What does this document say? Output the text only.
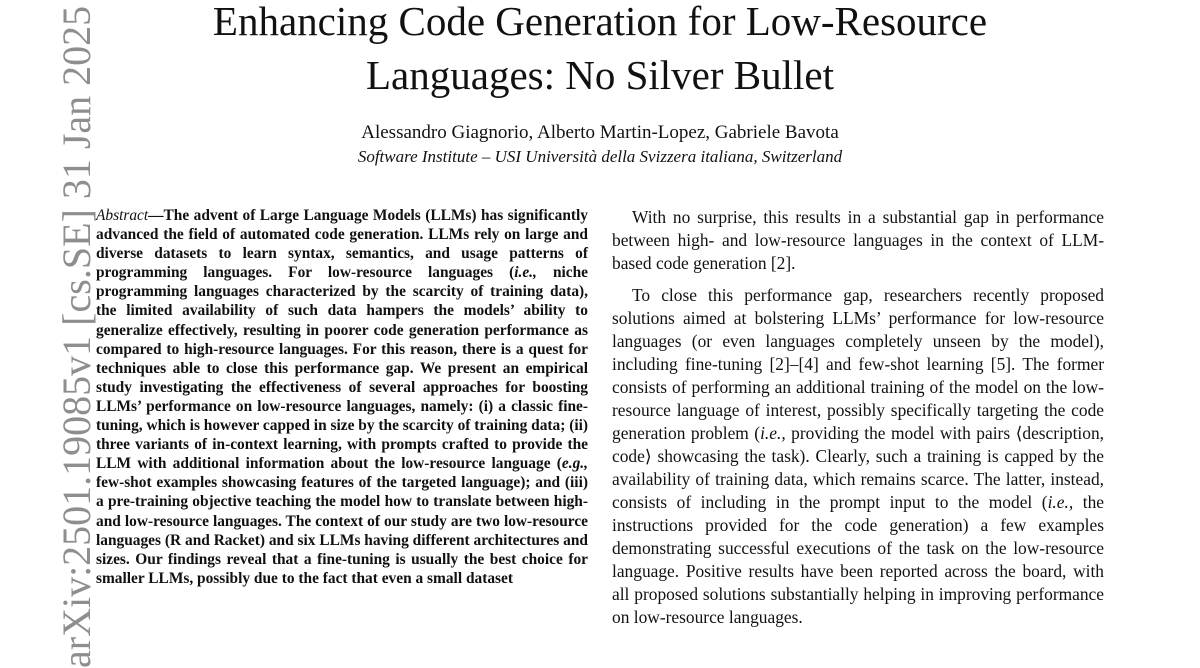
Enhancing Code Generation for Low-Resource
Languages: No Silver Bullet
Alessandro Giagnorio, Alberto Martin-Lopez, Gabriele Bavota
Software Institute – USI Università della Svizzera italiana, Switzerland
arXiv:2501.19085v1 [cs.SE] 31 Jan 2025
Abstract—The advent of Large Language Models (LLMs) has significantly advanced the field of automated code generation. LLMs rely on large and diverse datasets to learn syntax, semantics, and usage patterns of programming languages. For low-resource languages (i.e., niche programming languages characterized by the scarcity of training data), the limited availability of such data hampers the models’ ability to generalize effectively, resulting in poorer code generation performance as compared to high-resource languages. For this reason, there is a quest for techniques able to close this performance gap. We present an empirical study investigating the effectiveness of several approaches for boosting LLMs’ performance on low-resource languages, namely: (i) a classic fine-tuning, which is however capped in size by the scarcity of training data; (ii) three variants of in-context learning, with prompts crafted to provide the LLM with additional information about the low-resource language (e.g., few-shot examples showcasing features of the targeted language); and (iii) a pre-training objective teaching the model how to translate between high- and low-resource languages. The context of our study are two low-resource languages (R and Racket) and six LLMs having different architectures and sizes. Our findings reveal that a fine-tuning is usually the best choice for smaller LLMs, possibly due to the fact that even a small dataset

With no surprise, this results in a substantial gap in performance between high- and low-resource languages in the context of LLM-based code generation [2].

To close this performance gap, researchers recently proposed solutions aimed at bolstering LLMs’ performance for low-resource languages (or even languages completely unseen by the model), including fine-tuning [2]–[4] and few-shot learning [5]. The former consists of performing an additional training of the model on the low-resource language of interest, possibly specifically targeting the code generation problem (i.e., providing the model with pairs ⟨description, code⟩ showcasing the task). Clearly, such a training is capped by the availability of training data, which remains scarce. The latter, instead, consists of including in the prompt input to the model (i.e., the instructions provided for the code generation) a few examples demonstrating successful executions of the task on the low-resource language. Positive results have been reported across the board, with all proposed solutions substantially helping in improving performance on low-resource languages.
